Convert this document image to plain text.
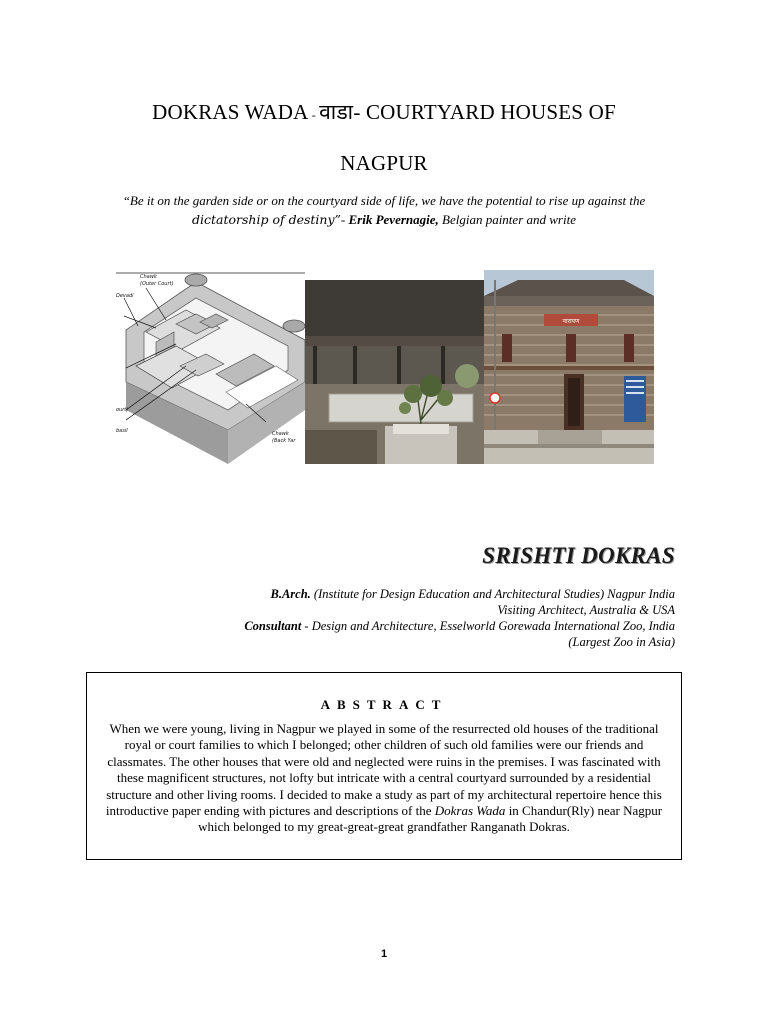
DOKRAS WADA - वाडा- COURTYARD HOUSES OF
NAGPUR
“Be it on the garden side or on the courtyard side of life, we have the potential to rise up against the
dictatorship of destiny”- Erik Pevernagie, Belgian painter and write
Chawk
(Outer Court)
Devadi
ourt)
basil	Chawk
(Back Yar
नारायण
SRISHTI DOKRAS
B.Arch. (Institute for Design Education and Architectural Studies) Nagpur India
Visiting Architect, Australia & USA
Consultant - Design and Architecture, Esselworld Gorewada International Zoo, India
(Largest Zoo in Asia)
ABSTRACT
When we were young, living in Nagpur we played in some of the resurrected old houses of the traditional royal or court families to which I belonged; other children of such old families were our friends and classmates. The other houses that were old and neglected were ruins in the premises. I was fascinated with these magnificent structures, not lofty but intricate with a central courtyard surrounded by a residential structure and other living rooms. I decided to make a study as part of my architectural repertoire hence this introductive paper ending with pictures and descriptions of the Dokras Wada in Chandur(Rly) near Nagpur which belonged to my great-great-great grandfather Ranganath Dokras.
1
